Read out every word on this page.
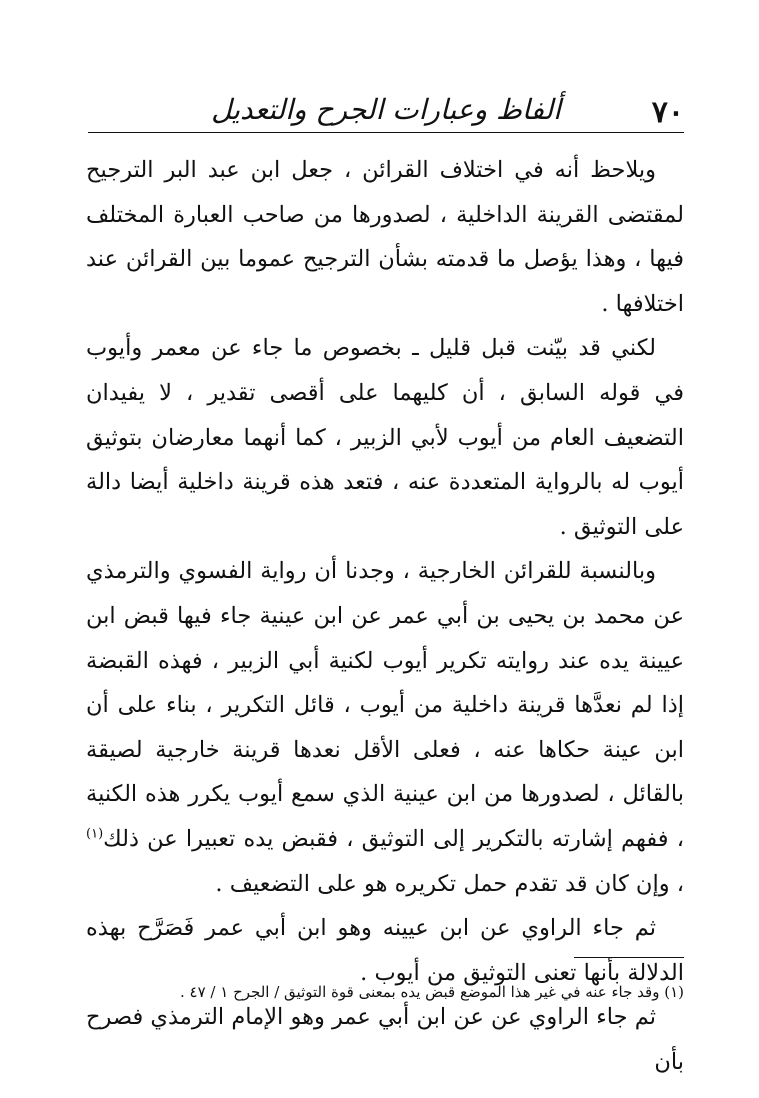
٧٠
ألفاظ وعبارات الجرح والتعديل

ويلاحظ أنه في اختلاف القرائن ، جعل ابن عبد البر الترجيح لمقتضى القرينة الداخلية ، لصدورها من صاحب العبارة المختلف فيها ، وهذا يؤصل ما قدمته بشأن الترجيح عموما بين القرائن عند اختلافها .

لكني قد بيّنت قبل قليل ـ بخصوص ما جاء عن معمر وأيوب في قوله السابق ، أن كليهما على أقصى تقدير ، لا يفيدان التضعيف العام من أيوب لأبي الزبير ، كما أنهما معارضان بتوثيق أيوب له بالرواية المتعددة عنه ، فتعد هذه قرينة داخلية أيضا دالة على التوثيق .

وبالنسبة للقرائن الخارجية ، وجدنا أن رواية الفسوي والترمذي عن محمد بن يحيى بن أبي عمر عن ابن عينية جاء فيها قبض ابن عيينة يده عند روايته تكرير أيوب لكنية أبي الزبير ، فهذه القبضة إذا لم نعدَّها قرينة داخلية من أيوب ، قائل التكرير ، بناء على أن ابن عينة حكاها عنه ، فعلى الأقل نعدها قرينة خارجية لصيقة بالقائل ، لصدورها من ابن عينية الذي سمع أيوب يكرر هذه الكنية ، ففهم إشارته بالتكرير إلى التوثيق ، فقبض يده تعبيرا عن ذلك$^{(١)}$ ، وإن كان قد تقدم حمل تكريره هو على التضعيف .

ثم جاء الراوي عن ابن عيينه وهو ابن أبي عمر فَصَرَّح بهذه الدلالة بأنها تعنى التوثيق من أيوب .

ثم جاء الراوي عن عن ابن أبي عمر وهو الإمام الترمذي فصرح بأن

(١) وقد جاء عنه في غير هذا الموضع قبض يده بمعنى قوة التوثيق / الجرح ١ / ٤٧ .
